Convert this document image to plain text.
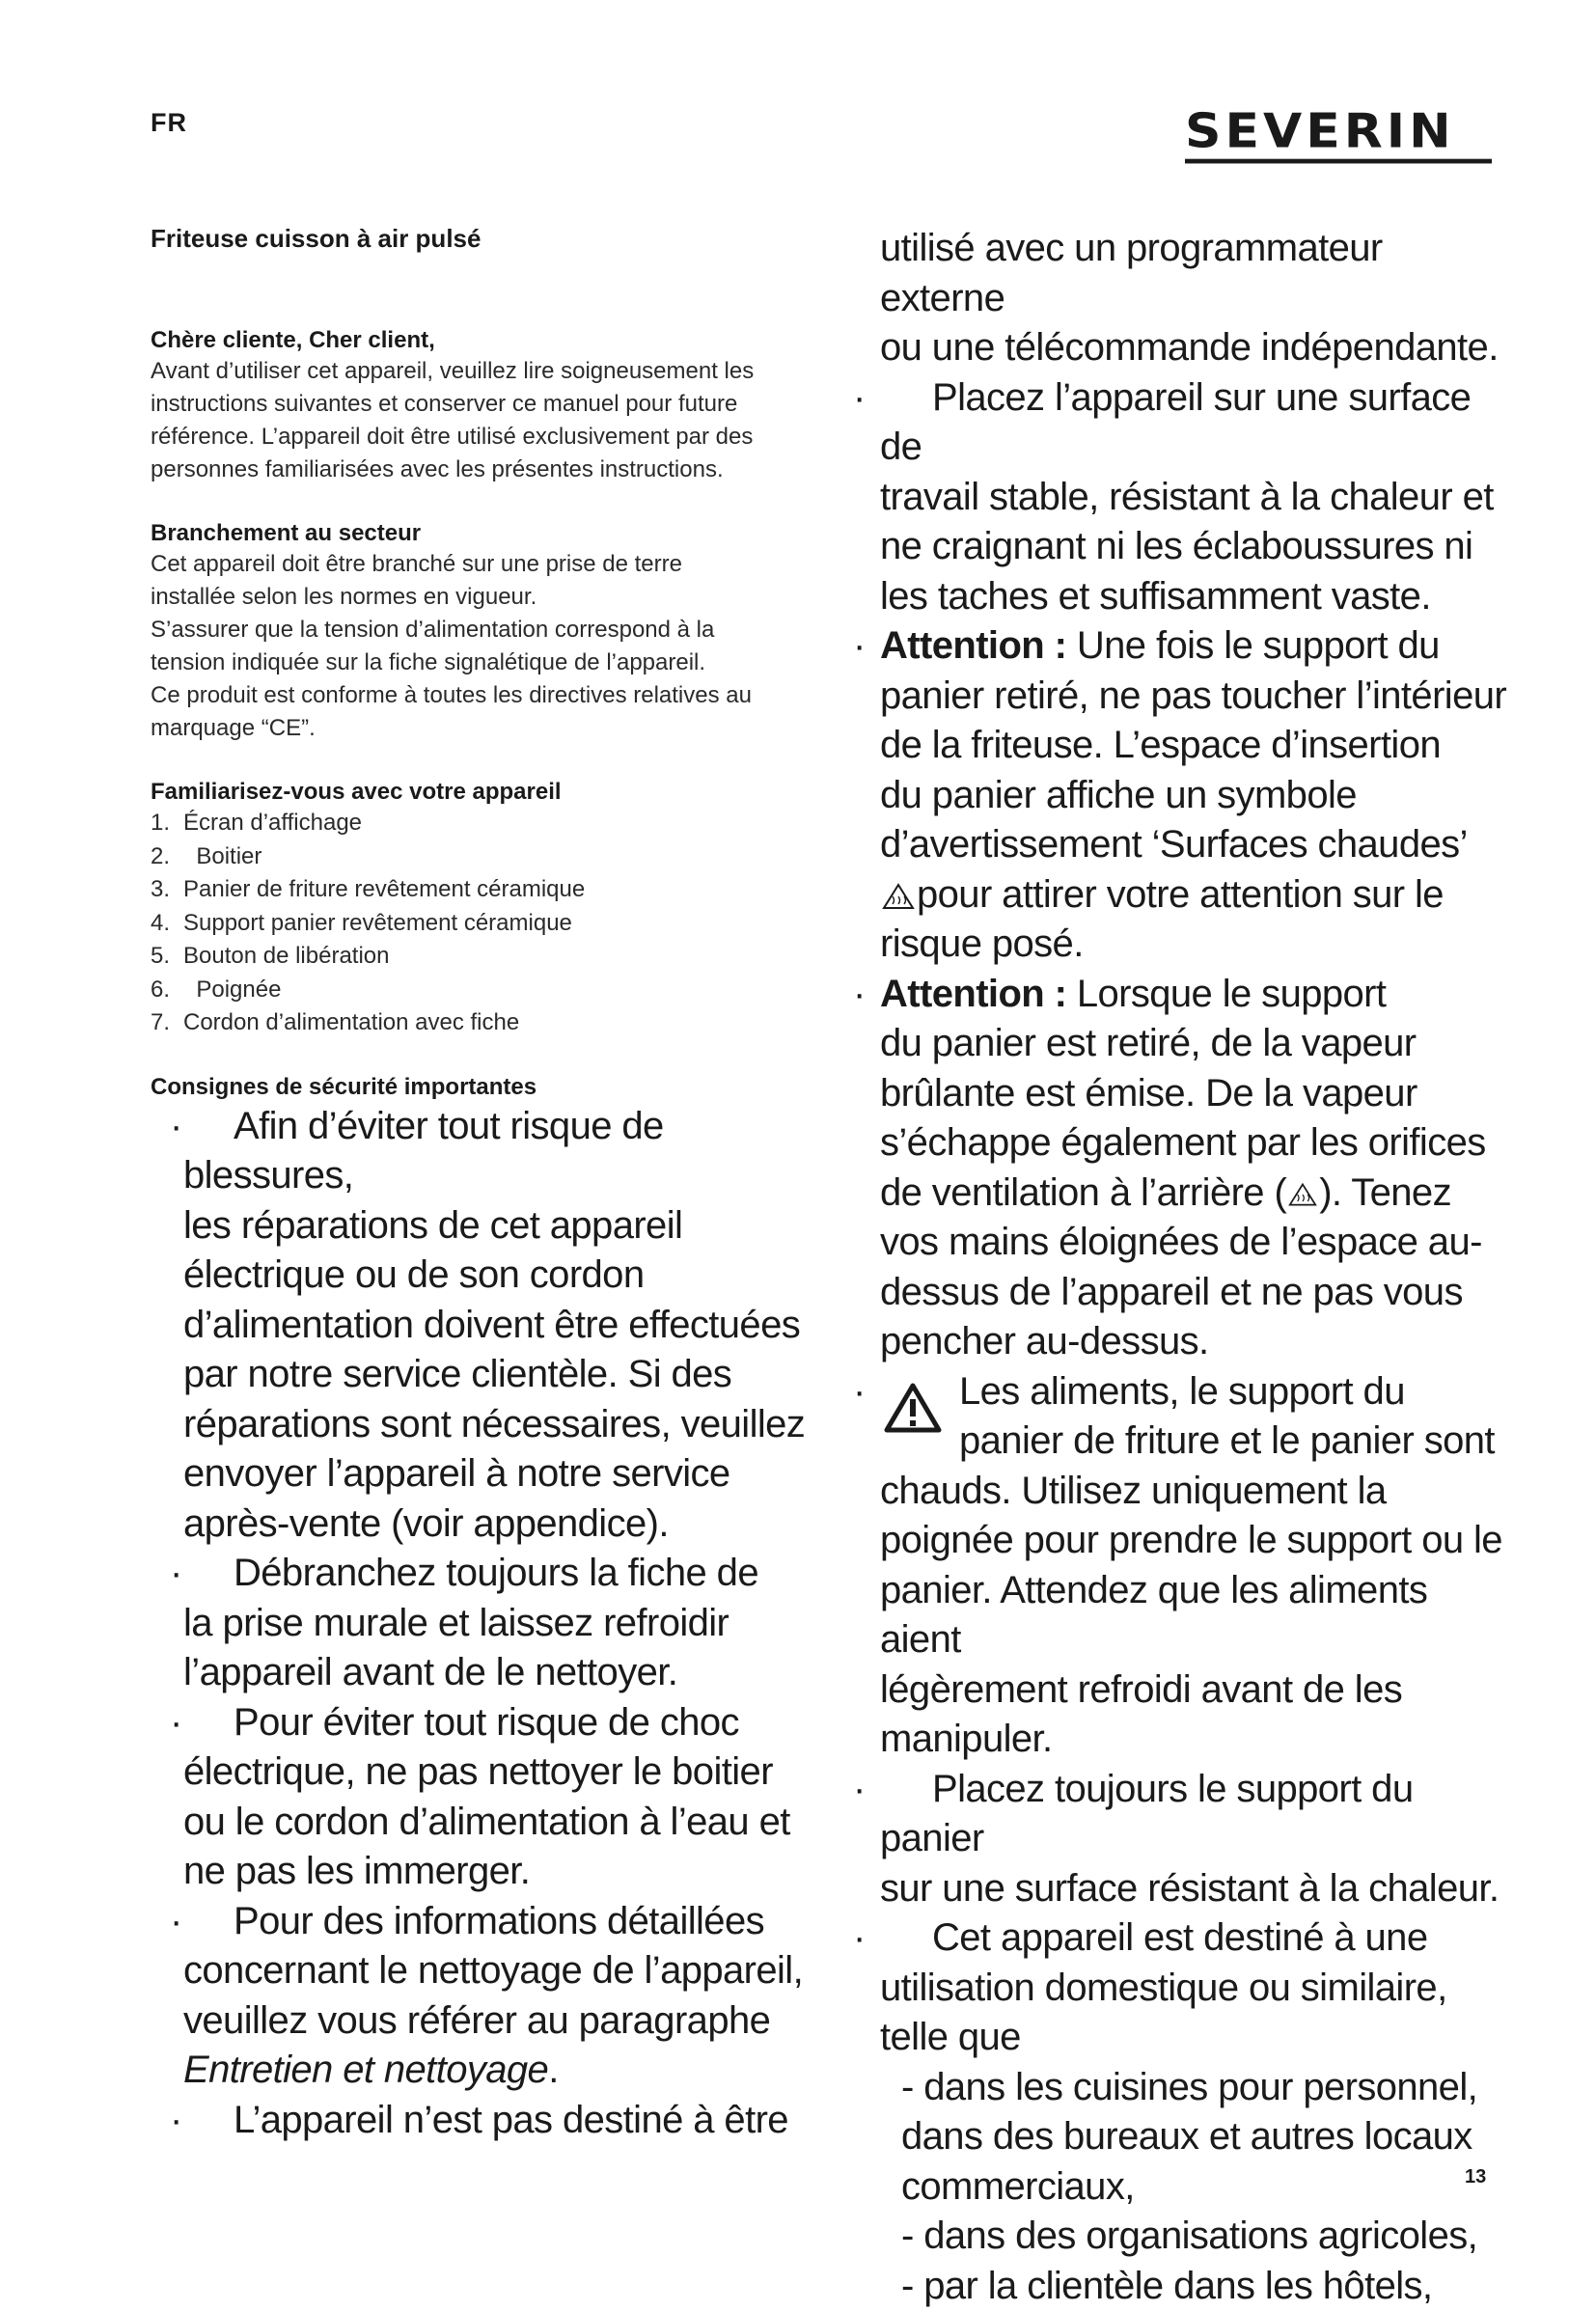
FR	SEVERIN

Friteuse cuisson à air pulsé

Chère cliente, Cher client,

Avant d’utiliser cet appareil, veuillez lire soigneusement les

instructions suivantes et conserver ce manuel pour future

référence. L’appareil doit être utilisé exclusivement par des

personnes familiarisées avec les présentes instructions.

Branchement au secteur

Cet appareil doit être branché sur une prise de terre

installée selon les normes en vigueur.

S’assurer que la tension d’alimentation correspond à la

tension indiquée sur la fiche signalétique de l’appareil.

Ce produit est conforme à toutes les directives relatives au

marquage “CE”.

Familiarisez-vous avec votre appareil

1. Écran d’affichage
2.  Boitier
3. Panier de friture revêtement céramique
4. Support panier revêtement céramique
5. Bouton de libération
6.  Poignée
7. Cordon d’alimentation avec fiche

Consignes de sécurité importantes

· Afin d’éviter tout risque de blessures,

les réparations de cet appareil

électrique ou de son cordon

d’alimentation doivent être effectuées

par notre service clientèle. Si des

réparations sont nécessaires, veuillez

envoyer l’appareil à notre service

après-vente (voir appendice).

· Débranchez toujours la fiche de

la prise murale et laissez refroidir

l’appareil avant de le nettoyer.

· Pour éviter tout risque de choc

électrique, ne pas nettoyer le boitier

ou le cordon d’alimentation à l’eau et

ne pas les immerger.

· Pour des informations détaillées

concernant le nettoyage de l’appareil,

veuillez vous référer au paragraphe

Entretien et nettoyage.

· L’appareil n’est pas destiné à être

utilisé avec un programmateur externe

ou une télécommande indépendante.

· Placez l’appareil sur une surface de

travail stable, résistant à la chaleur et

ne craignant ni les éclaboussures ni

les taches et suffisamment vaste.

· Attention : Une fois le support du

panier retiré, ne pas toucher l’intérieur

de la friteuse. L’espace d’insertion

du panier affiche un symbole

d’avertissement ‘Surfaces chaudes’

pour attirer votre attention sur le

risque posé.

· Attention : Lorsque le support

du panier est retiré, de la vapeur

brûlante est émise. De la vapeur

s’échappe également par les orifices

de ventilation à l’arrière ( ). Tenez

vos mains éloignées de l’espace au-

dessus de l’appareil et ne pas vous

pencher au-dessus.

· Les aliments, le support du
panier de friture et le panier sont

chauds. Utilisez uniquement la

poignée pour prendre le support ou le

panier. Attendez que les aliments aient

légèrement refroidi avant de les

manipuler.

· Placez toujours le support du panier

sur une surface résistant à la chaleur.

· Cet appareil est destiné à une

utilisation domestique ou similaire,

telle que

- dans les cuisines pour personnel,

dans des bureaux et autres locaux

commerciaux,

- dans des organisations agricoles,

- par la clientèle dans les hôtels,

13
